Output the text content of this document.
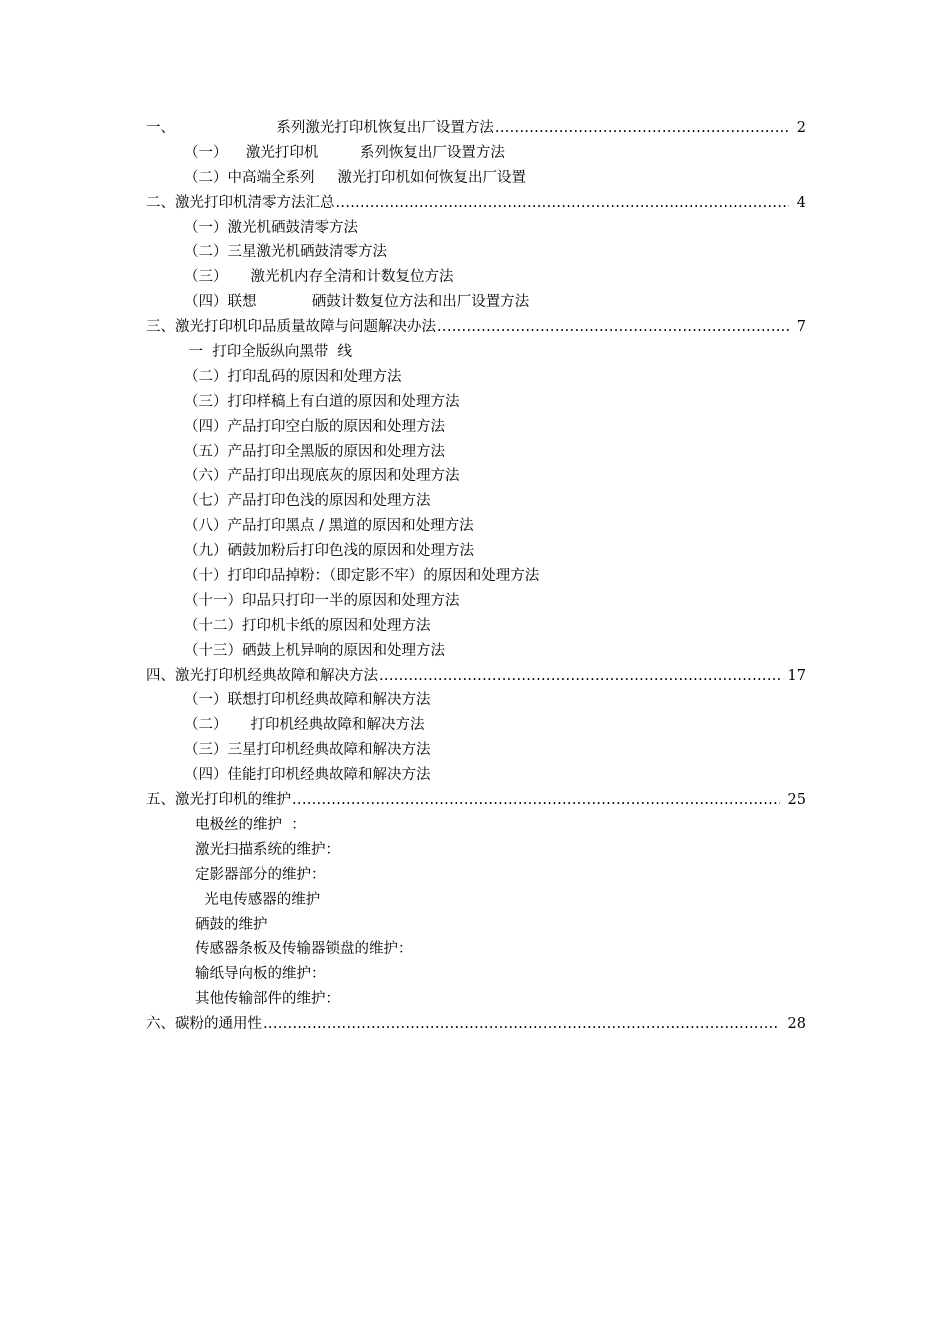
.....
一、                      系列激光打印机恢复出厂设置方法	2
（一）    激光打印机         系列恢复出厂设置方法
（二）中高端全系列     激光打印机如何恢复出厂设置
.....
二、激光打印机清零方法汇总	4
（一）激光机硒鼓清零方法
（二）三星激光机硒鼓清零方法
（三）     激光机内存全清和计数复位方法
（四）联想            硒鼓计数复位方法和出厂设置方法
.....
三、激光打印机印品质量故障与问题解决办法	7
一  打印全版纵向黑带  线
（二）打印乱码的原因和处理方法
（三）打印样稿上有白道的原因和处理方法
（四）产品打印空白版的原因和处理方法
（五）产品打印全黑版的原因和处理方法
（六）产品打印出现底灰的原因和处理方法
（七）产品打印色浅的原因和处理方法
（八）产品打印黑点 / 黑道的原因和处理方法
（九）硒鼓加粉后打印色浅的原因和处理方法
（十）打印印品掉粉：（即定影不牢）的原因和处理方法
（十一）印品只打印一半的原因和处理方法
（十二）打印机卡纸的原因和处理方法
（十三）硒鼓上机异响的原因和处理方法
.....
四、激光打印机经典故障和解决方法	17
（一）联想打印机经典故障和解决方法
（二）     打印机经典故障和解决方法
（三）三星打印机经典故障和解决方法
（四）佳能打印机经典故障和解决方法
.....
五、激光打印机的维护	25
电极丝的维护  ：
激光扫描系统的维护：
定影器部分的维护：
光电传感器的维护
硒鼓的维护
传感器条板及传输器锁盘的维护：
输纸导向板的维护：
其他传输部件的维护：
.....
六、碳粉的通用性	28
